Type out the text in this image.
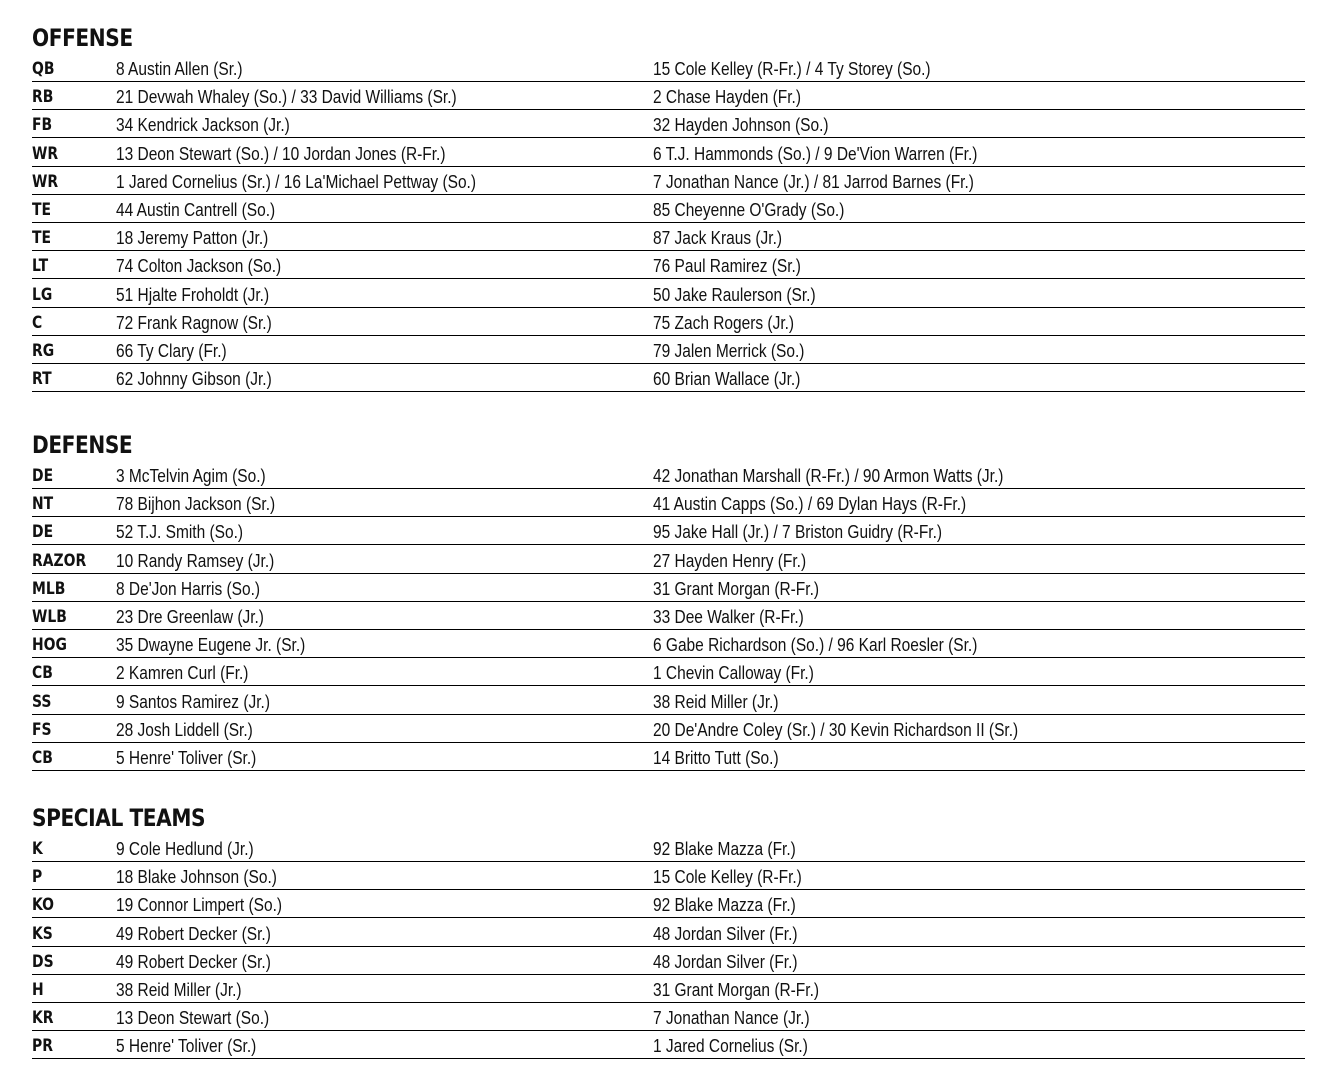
OFFENSE
QB	8 Austin Allen (Sr.)	15 Cole Kelley (R-Fr.) / 4 Ty Storey (So.)
RB	21 Devwah Whaley (So.) / 33 David Williams (Sr.)	2 Chase Hayden (Fr.)
FB	34 Kendrick Jackson (Jr.)	32 Hayden Johnson (So.)
WR	13 Deon Stewart (So.) / 10 Jordan Jones (R-Fr.)	6 T.J. Hammonds (So.) / 9 De'Vion Warren (Fr.)
WR	1 Jared Cornelius (Sr.) / 16 La'Michael Pettway (So.)	7 Jonathan Nance (Jr.) / 81 Jarrod Barnes (Fr.)
TE	44 Austin Cantrell (So.)	85 Cheyenne O'Grady (So.)
TE	18 Jeremy Patton (Jr.)	87 Jack Kraus (Jr.)
LT	74 Colton Jackson (So.)	76 Paul Ramirez (Sr.)
LG	51 Hjalte Froholdt (Jr.)	50 Jake Raulerson (Sr.)
C	72 Frank Ragnow (Sr.)	75 Zach Rogers (Jr.)
RG	66 Ty Clary (Fr.)	79 Jalen Merrick (So.)
RT	62 Johnny Gibson (Jr.)	60 Brian Wallace (Jr.)
DEFENSE
DE	3 McTelvin Agim (So.)	42 Jonathan Marshall (R-Fr.) / 90 Armon Watts (Jr.)
NT	78 Bijhon Jackson (Sr.)	41 Austin Capps (So.) / 69 Dylan Hays (R-Fr.)
DE	52 T.J. Smith (So.)	95 Jake Hall (Jr.) / 7 Briston Guidry (R-Fr.)
RAZOR 10 Randy Ramsey (Jr.)	27 Hayden Henry (Fr.)
MLB	8 De'Jon Harris (So.)	31 Grant Morgan (R-Fr.)
WLB	23 Dre Greenlaw (Jr.)	33 Dee Walker (R-Fr.)
HOG	35 Dwayne Eugene Jr. (Sr.)	6 Gabe Richardson (So.) / 96 Karl Roesler (Sr.)
CB	2 Kamren Curl (Fr.)	1 Chevin Calloway (Fr.)
SS	9 Santos Ramirez (Jr.)	38 Reid Miller (Jr.)
FS	28 Josh Liddell (Sr.)	20 De'Andre Coley (Sr.) / 30 Kevin Richardson II (Sr.)
CB	5 Henre' Toliver (Sr.)	14 Britto Tutt (So.)
SPECIAL TEAMS
K	9 Cole Hedlund (Jr.)	92 Blake Mazza (Fr.)
P	18 Blake Johnson (So.)	15 Cole Kelley (R-Fr.)
KO	19 Connor Limpert (So.)	92 Blake Mazza (Fr.)
KS	49 Robert Decker (Sr.)	48 Jordan Silver (Fr.)
DS	49 Robert Decker (Sr.)	48 Jordan Silver (Fr.)
H	38 Reid Miller (Jr.)	31 Grant Morgan (R-Fr.)
KR	13 Deon Stewart (So.)	7 Jonathan Nance (Jr.)
PR	5 Henre' Toliver (Sr.)	1 Jared Cornelius (Sr.)
